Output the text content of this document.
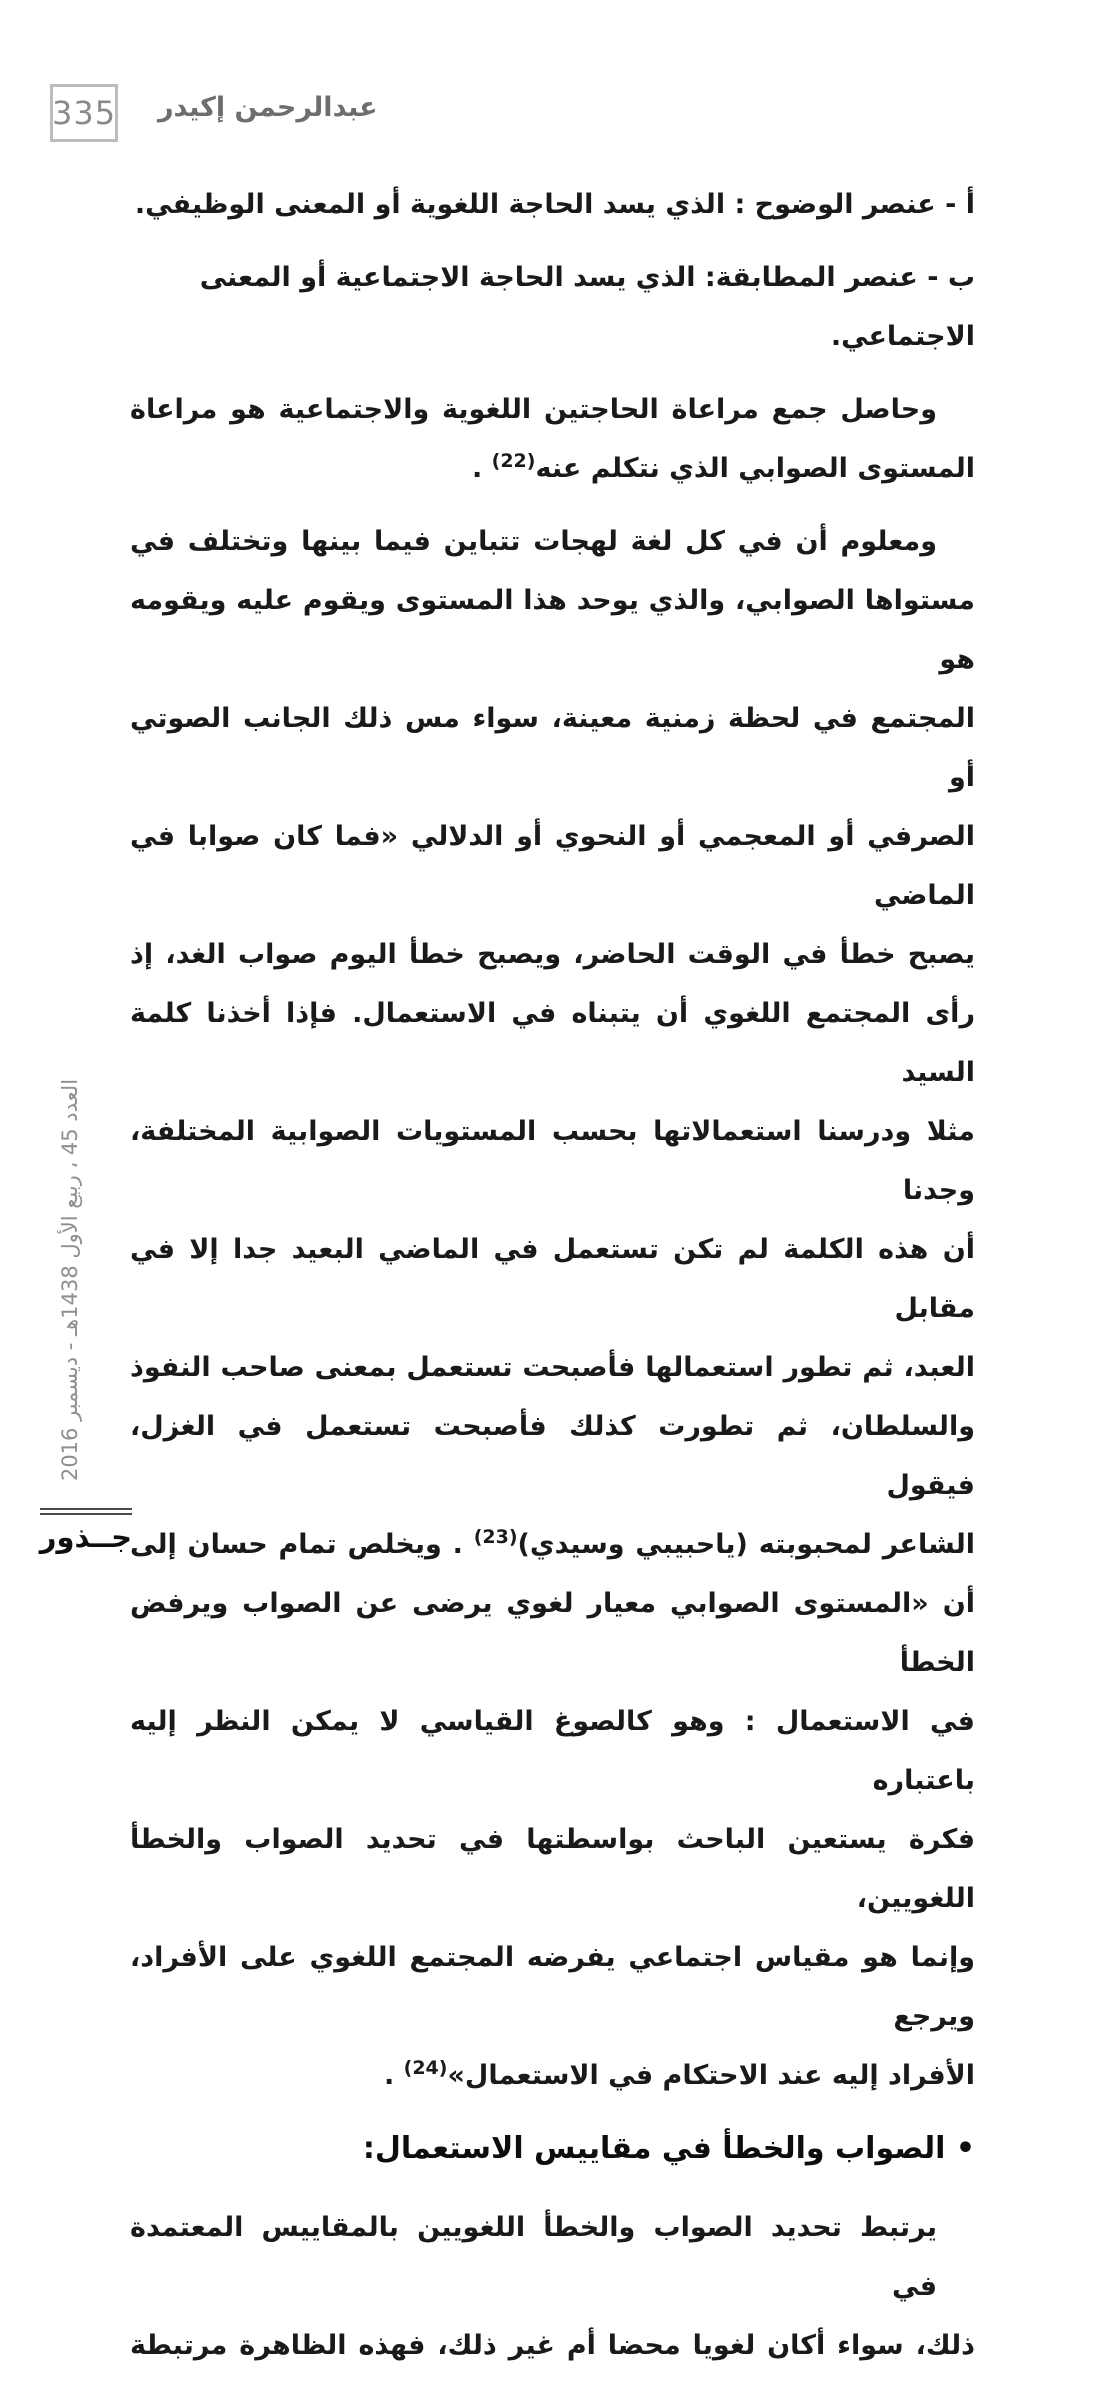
335 عبدالرحمن إكيدر
أ - عنصر الوضوح : الذي يسد الحاجة اللغوية أو المعنى الوظيفي.
ب - عنصر المطابقة: الذي يسد الحاجة الاجتماعية أو المعنى الاجتماعي.
وحاصل جمع مراعاة الحاجتين اللغوية والاجتماعية هو مراعاة
المستوى الصوابي الذي نتكلم عنه$^{(22)}$ .
ومعلوم أن في كل لغة لهجات تتباين فيما بينها وتختلف في
مستواها الصوابي، والذي يوحد هذا المستوى ويقوم عليه ويقومه هو
المجتمع في لحظة زمنية معينة، سواء مس ذلك الجانب الصوتي أو
الصرفي أو المعجمي أو النحوي أو الدلالي «فما كان صوابا في الماضي
يصبح خطأ في الوقت الحاضر، ويصبح خطأ اليوم صواب الغد، إذ
رأى المجتمع اللغوي أن يتبناه في الاستعمال. فإذا أخذنا كلمة السيد
مثلا ودرسنا استعمالاتها بحسب المستويات الصوابية المختلفة، وجدنا
أن هذه الكلمة لم تكن تستعمل في الماضي البعيد جدا إلا في مقابل
العبد، ثم تطور استعمالها فأصبحت تستعمل بمعنى صاحب النفوذ
والسلطان، ثم تطورت كذلك فأصبحت تستعمل في الغزل، فيقول
الشاعر لمحبوبته (ياحبيبي وسيدي)$^{(23)}$ . ويخلص تمام حسان إلى
أن «المستوى الصوابي معيار لغوي يرضى عن الصواب ويرفض الخطأ
في الاستعمال : وهو كالصوغ القياسي لا يمكن النظر إليه باعتباره
فكرة يستعين الباحث بواسطتها في تحديد الصواب والخطأ اللغويين،
وإنما هو مقياس اجتماعي يفرضه المجتمع اللغوي على الأفراد، ويرجع
الأفراد إليه عند الاحتكام في الاستعمال»$^{(24)}$ .
• الصواب والخطأ في مقاييس الاستعمال:
يرتبط تحديد الصواب والخطأ اللغويين بالمقاييس المعتمدة في
ذلك، سواء أكان لغويا محضا أم غير ذلك، فهذه الظاهرة مرتبطة
العدد 45 ، ربيع الأول 1438هـ - ديسمبر 2016
جــذور
